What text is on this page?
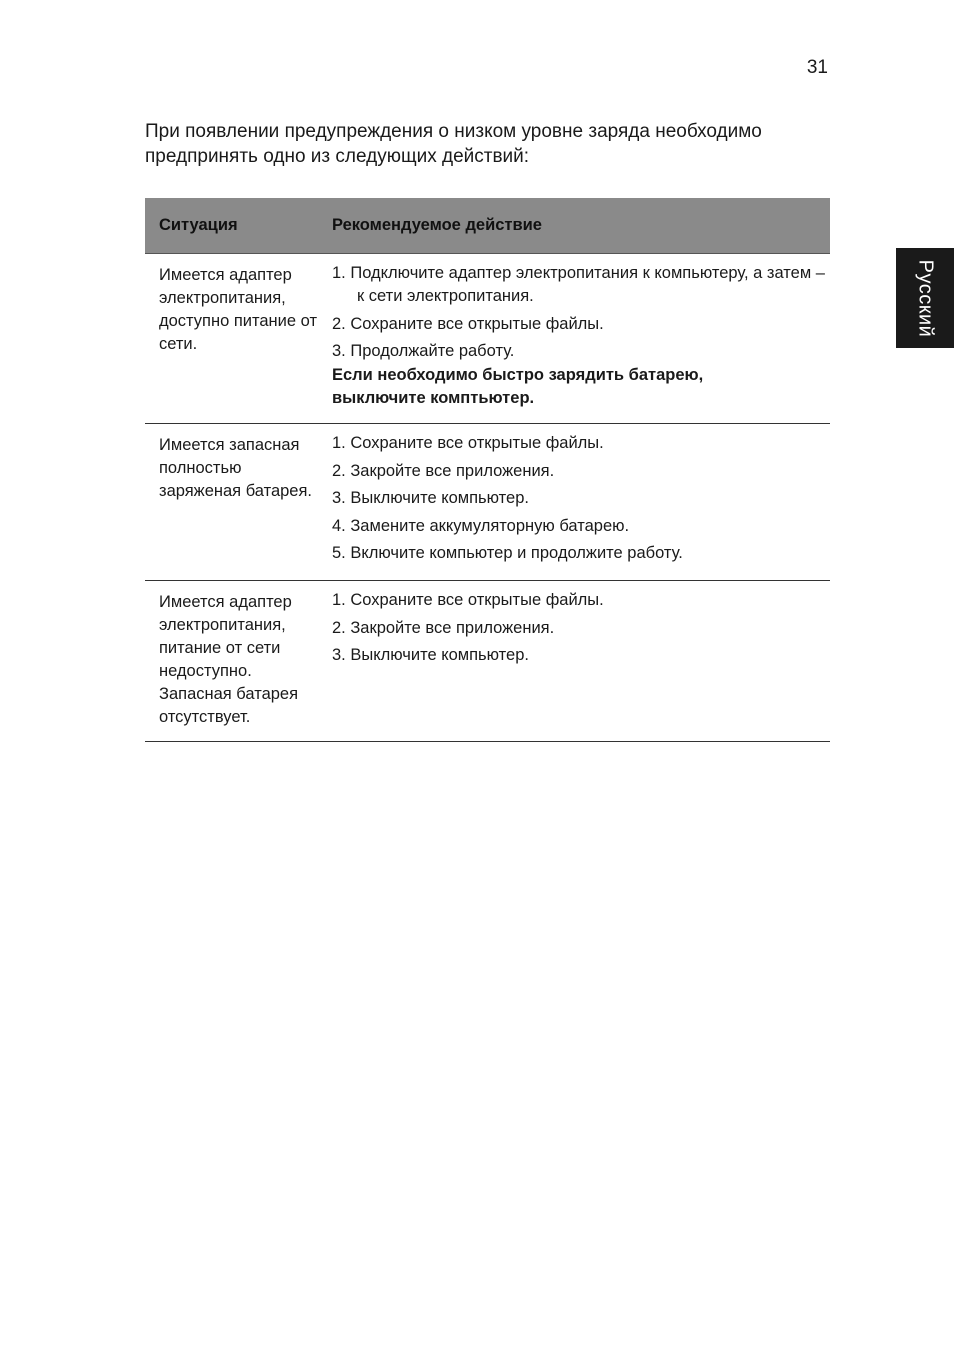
31
При появлении предупреждения о низком уровне заряда необходимо предпринять одно из следующих действий:
Русский
Ситуация	Рекомендуемое действие
Имеется адаптер электропитания, доступно питание от сети.
1. Подключите адаптер электропитания к компьютеру, а затем – к сети электропитания.
2. Сохраните все открытые файлы.
3. Продолжайте работу.
Если необходимо быстро зарядить батарею, выключите комптьютер.
Имеется запасная полностью заряженая батарея.
1. Сохраните все открытые файлы.
2. Закройте все приложения.
3. Выключите компьютер.
4. Замените аккумуляторную батарею.
5. Включите компьютер и продолжите работу.
Имеется адаптер электропитания, питание от сети недоступно. Запасная батарея отсутствует.
1. Сохраните все открытые файлы.
2. Закройте все приложения.
3. Выключите компьютер.
